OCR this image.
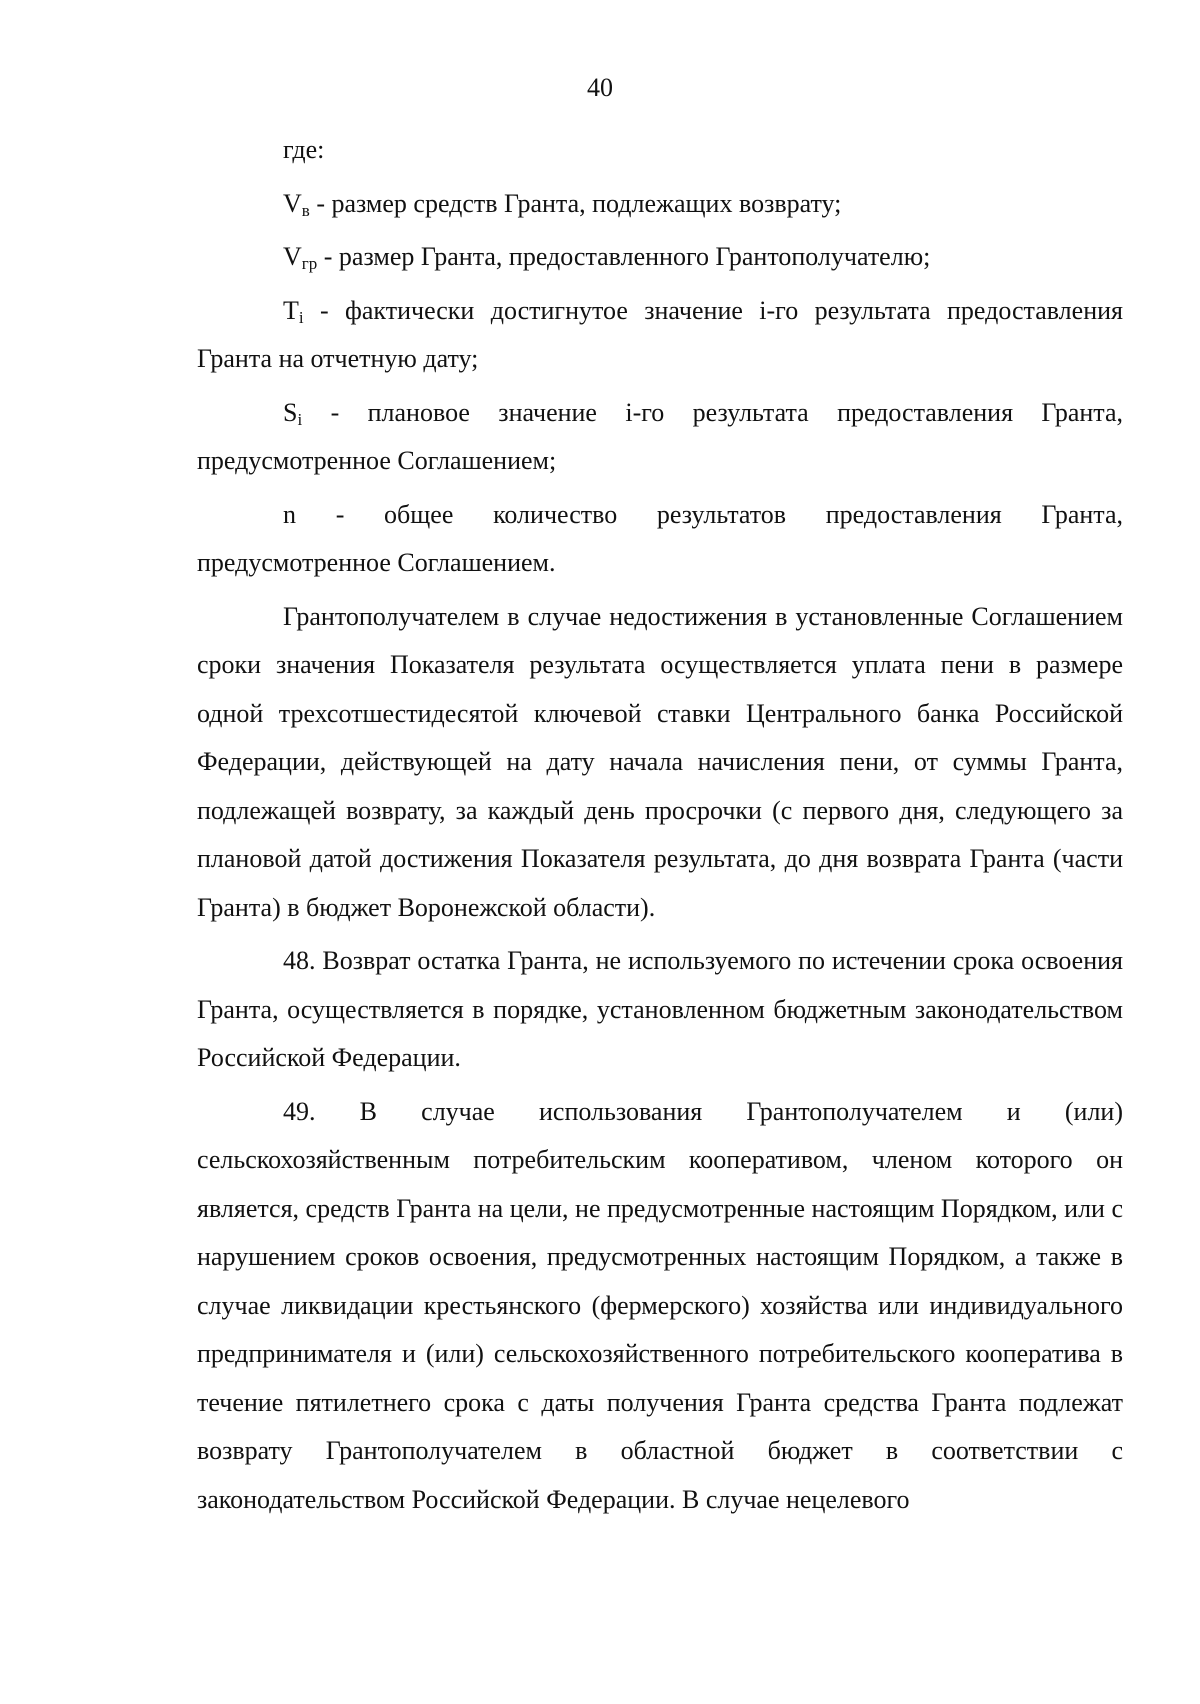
40

где:

$V_в$ - размер средств Гранта, подлежащих возврату;

$V_{гр}$ - размер Гранта, предоставленного Грантополучателю;

$T_i$ - фактически достигнутое значение i-го результата предоставления Гранта на отчетную дату;

$S_i$ - плановое значение i-го результата предоставления Гранта, предусмотренное Соглашением;

n - общее количество результатов предоставления Гранта, предусмотренное Соглашением.

Грантополучателем в случае недостижения в установленные Соглашением сроки значения Показателя результата осуществляется уплата пени в размере одной трехсотшестидесятой ключевой ставки Центрального банка Российской Федерации, действующей на дату начала начисления пени, от суммы Гранта, подлежащей возврату, за каждый день просрочки (с первого дня, следующего за плановой датой достижения Показателя результата, до дня возврата Гранта (части Гранта) в бюджет Воронежской области).

48. Возврат остатка Гранта, не используемого по истечении срока освоения Гранта, осуществляется в порядке, установленном бюджетным законодательством Российской Федерации.

49. В случае использования Грантополучателем и (или) сельскохозяйственным потребительским кооперативом, членом которого он является, средств Гранта на цели, не предусмотренные настоящим Порядком, или с нарушением сроков освоения, предусмотренных настоящим Порядком, а также в случае ликвидации крестьянского (фермерского) хозяйства или индивидуального предпринимателя и (или) сельскохозяйственного потребительского кооператива в течение пятилетнего срока с даты получения Гранта средства Гранта подлежат возврату Грантополучателем в областной бюджет в соответствии с законодательством Российской Федерации. В случае нецелевого
